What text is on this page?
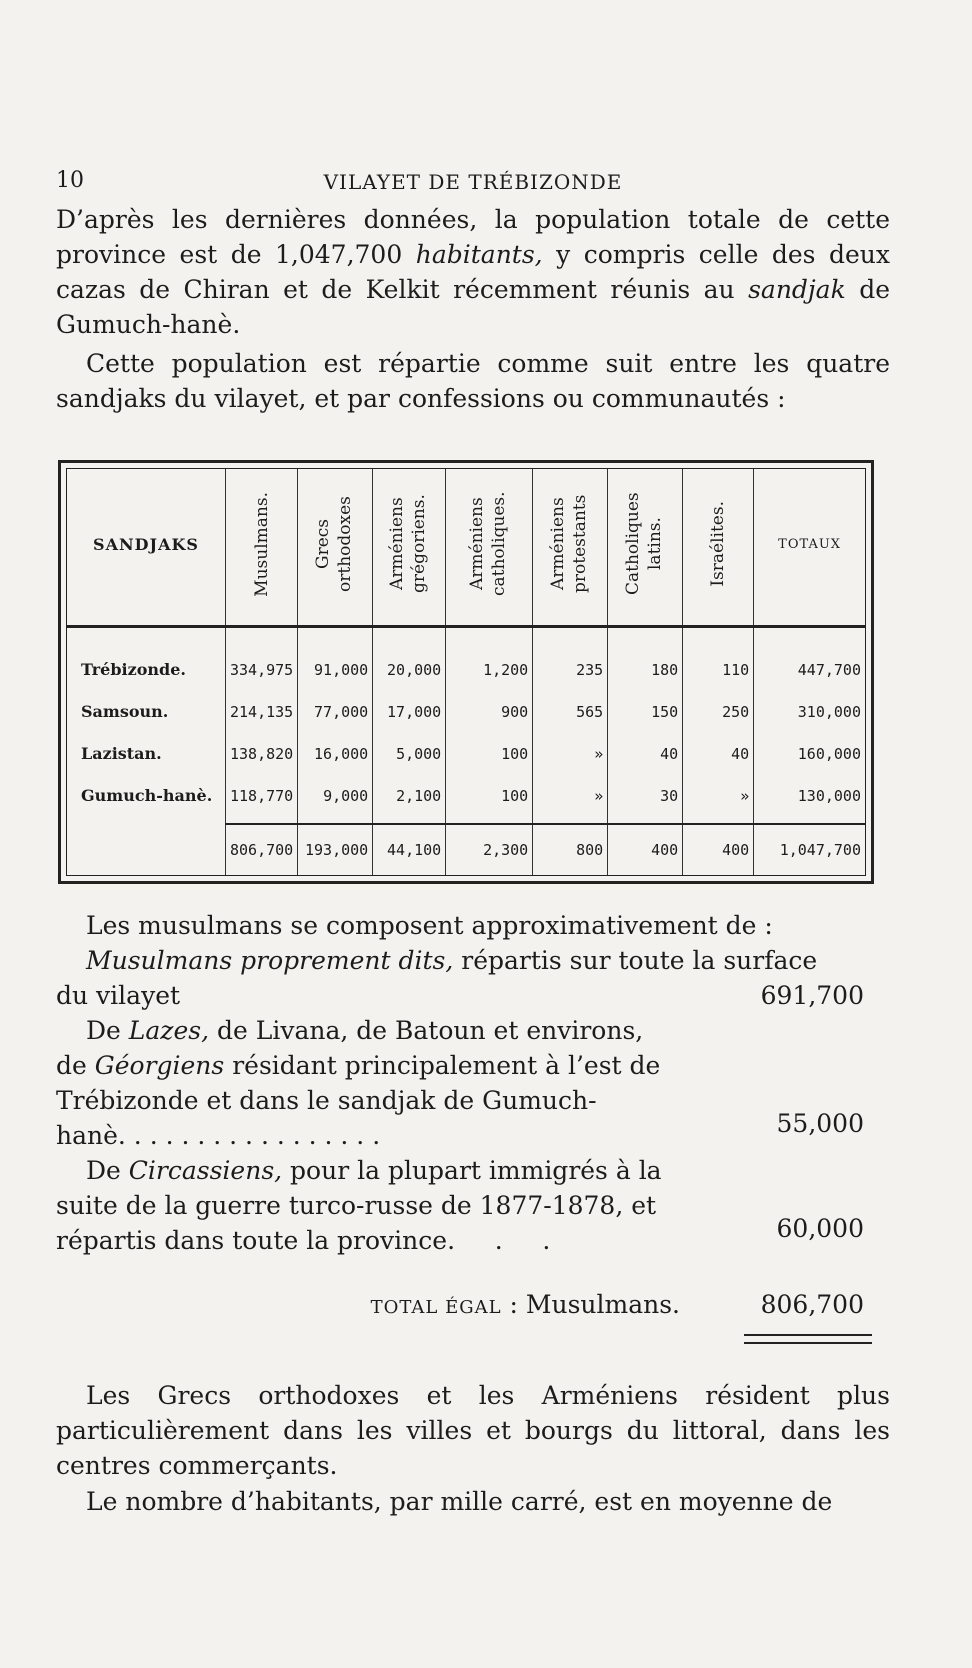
10	VILAYET DE TRÉBIZONDE
D’après les dernières données, la population totale de cette province est de 1,047,700 habitants, y compris celle des deux cazas de Chiran et de Kelkit récemment réunis au sandjak de Gumuch-hanè.
Cette population est répartie comme suit entre les quatre sandjaks du vilayet, et par confessions ou communautés :
SANDJAKS	Musulmans.	Grecs orthodoxes	Arméniens grégoriens.	Arméniens catholiques.	Arméniens protestants	Catholiques latins.	Israélites.	TOTAUX

Trébizonde.	334,975	91,000	20,000	1,200	235	180	110	447,700
Samsoun.	214,135	77,000	17,000	900	565	150	250	310,000
Lazistan.	138,820	16,000	5,000	100	»	40	40	160,000
Gumuch-hanè.	118,770	9,000	2,100	100	»	30	»	130,000

	806,700	193,000	44,100	2,300	800	400	400	1,047,700
Les musulmans se composent approximativement de :
Musulmans proprement dits, répartis sur toute la surface
du vilayet	691,700
De Lazes, de Livana, de Batoun et environs,
de Géorgiens résidant principalement à l’est de
Trébizonde et dans le sandjak de Gumuch-
hanè. . . . . . . . . . . . . . . . .	55,000
De Circassiens, pour la plupart immigrés à la
suite de la guerre turco-russe de 1877-1878, et
répartis dans toute la province.     .     .	60,000
TOTAL ÉGAL : Musulmans.	806,700
Les Grecs orthodoxes et les Arméniens résident plus particulièrement dans les villes et bourgs du littoral, dans les centres commerçants.
Le nombre d’habitants, par mille carré, est en moyenne de
